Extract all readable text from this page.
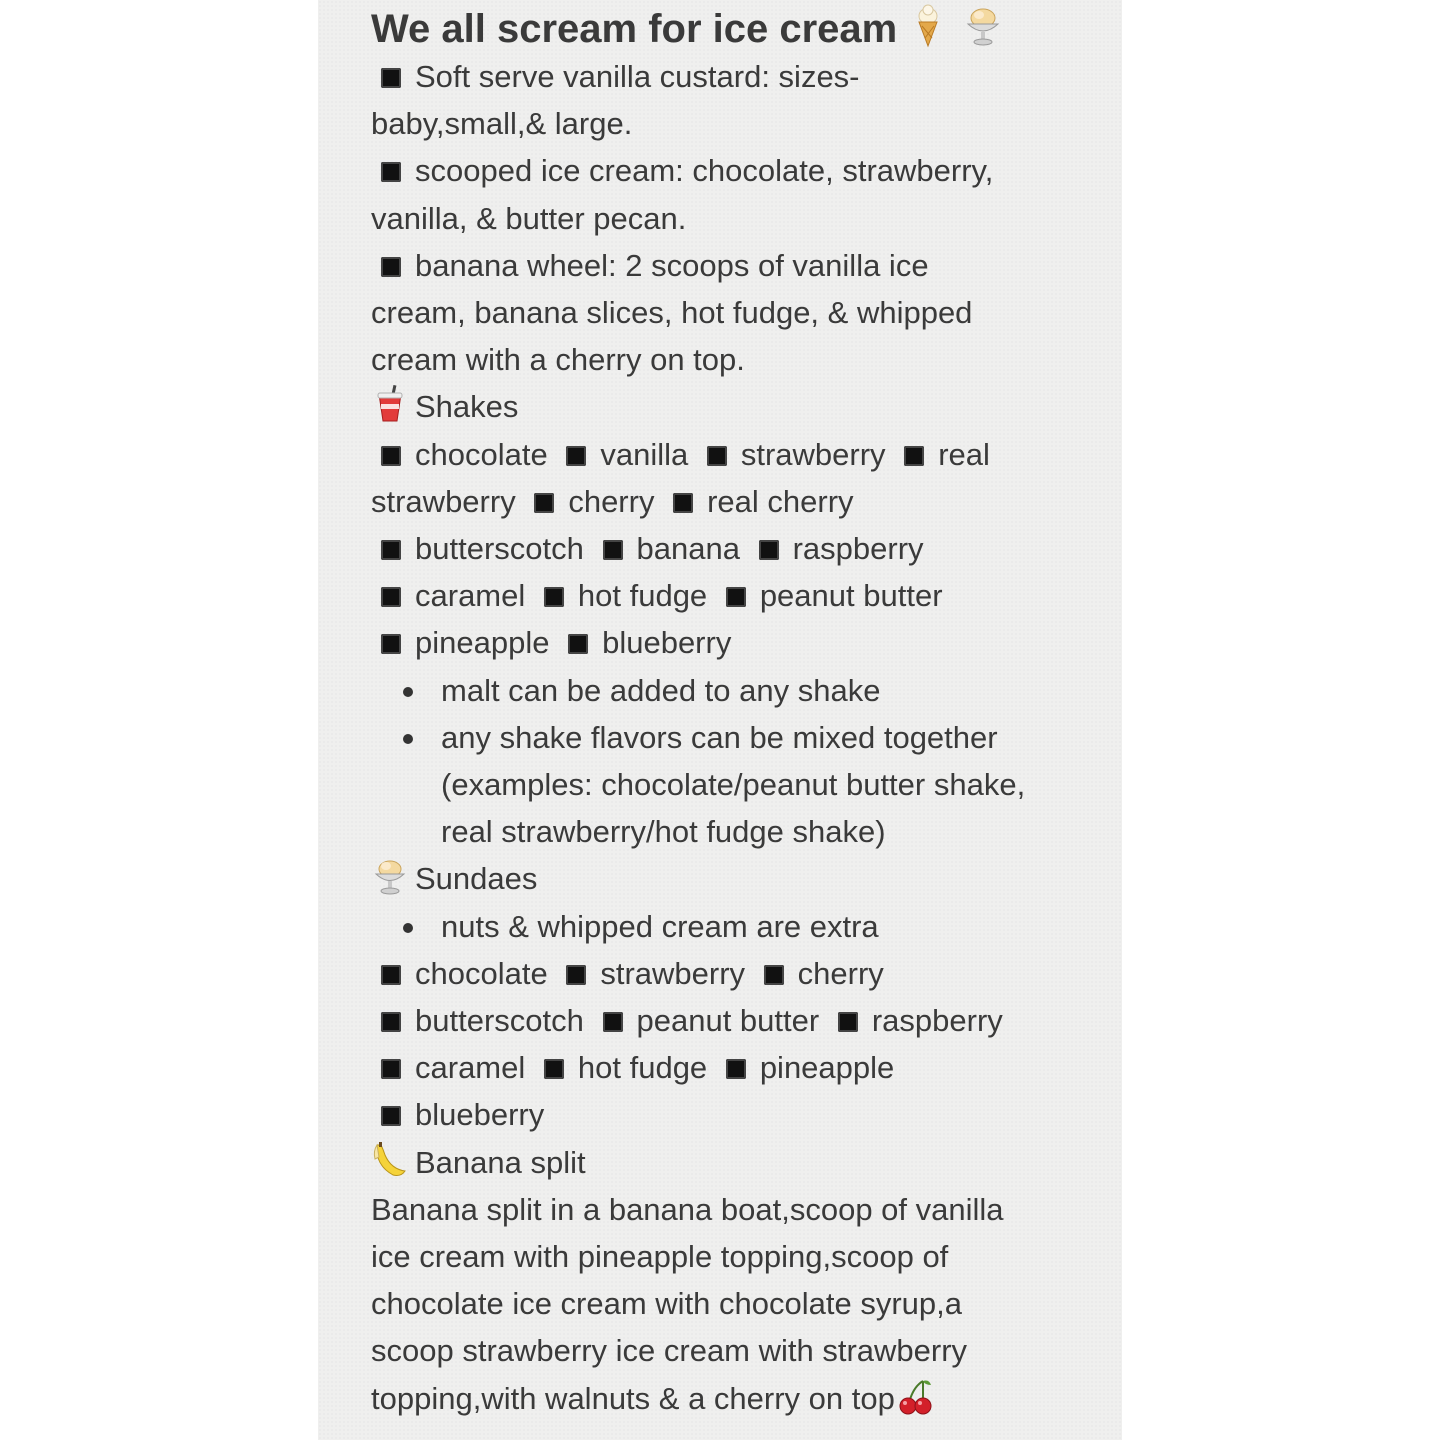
We all scream for ice cream

Soft serve vanilla custard: sizes-
baby,small,& large.
scooped ice cream: chocolate, strawberry,
vanilla, & butter pecan.
banana wheel: 2 scoops of vanilla ice
cream, banana slices, hot fudge, & whipped
cream with a cherry on top.
Shakes
chocolate vanilla strawberry real
strawberry cherry real cherry
butterscotch banana raspberry
caramel hot fudge peanut butter
pineapple blueberry
malt can be added to any shake
any shake flavors can be mixed together (examples: chocolate/peanut butter shake, real strawberry/hot fudge shake)
Sundaes
nuts & whipped cream are extra
chocolate strawberry cherry
butterscotch peanut butter raspberry
caramel hot fudge pineapple
blueberry
Banana split
Banana split in a banana boat,scoop of vanilla
ice cream with pineapple topping,scoop of
chocolate ice cream with chocolate syrup,a
scoop strawberry ice cream with strawberry
topping,with walnuts & a cherry on top
